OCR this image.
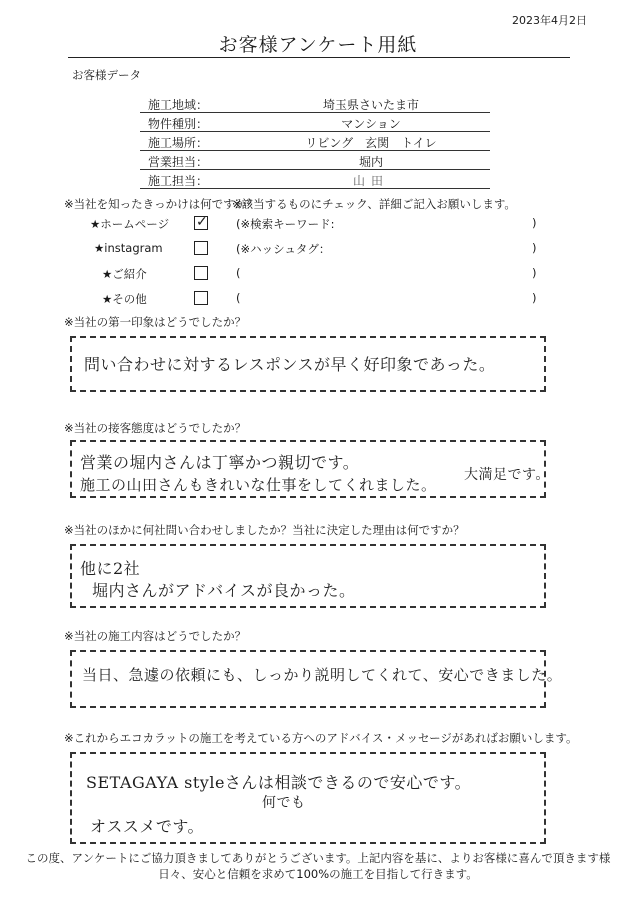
2023年4月2日
お客様アンケート用紙
お客様データ
施工地域：	埼玉県さいたま市
物件種別：	マンション
施工場所：	リビング　玄関　トイレ
営業担当：	堀内
施工担当：	山田
※当社を知ったきっかけは何ですか？
※該当するものにチェック、詳細ご記入お願いします。
★ホームページ ✓ (※検索キーワード:	)
★instagram	(※ハッシュタグ：	)
★ご紹介	(	)
★その他	(	)
※当社の第一印象はどうでしたか？
問い合わせに対するレスポンスが早く好印象であった。
※当社の接客態度はどうでしたか？
営業の堀内さんは丁寧かつ親切です。
施工の山田さんもきれいな仕事をしてくれました。
大満足です。
※当社のほかに何社問い合わせしましたか？当社に決定した理由は何ですか？
他に2社
堀内さんがアドバイスが良かった。
※当社の施工内容はどうでしたか？
当日、急遽の依頼にも、しっかり説明してくれて、安心できました。
※これからエコカラットの施工を考えている方へのアドバイス・メッセージがあればお願いします。
SETAGAYA styleさんは相談できるので安心です。
何でも
オススメです。
この度、アンケートにご協力頂きましてありがとうございます。上記内容を基に、よりお客様に喜んで頂きます様
日々、安心と信頼を求めて100%の施工を目指して行きます。
